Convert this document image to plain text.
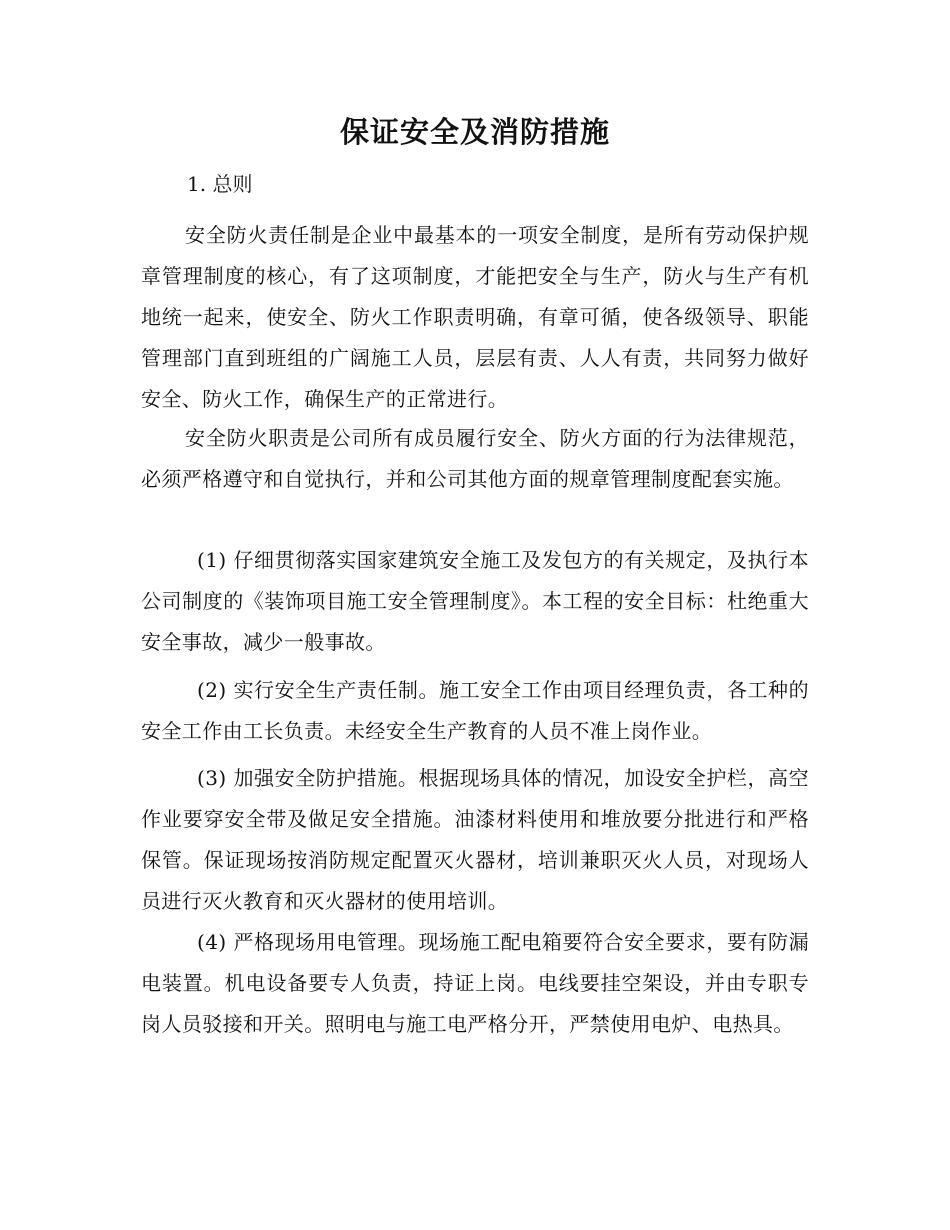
保证安全及消防措施
1. 总则

安全防火责任制是企业中最基本的一项安全制度，是所有劳动保护规章管理制度的核心，有了这项制度，才能把安全与生产，防火与生产有机地统一起来，使安全、防火工作职责明确，有章可循，使各级领导、职能管理部门直到班组的广阔施工人员，层层有责、人人有责，共同努力做好安全、防火工作，确保生产的正常进行。

安全防火职责是公司所有成员履行安全、防火方面的行为法律规范，必须严格遵守和自觉执行，并和公司其他方面的规章管理制度配套实施。

(1) 仔细贯彻落实国家建筑安全施工及发包方的有关规定，及执行本公司制度的《装饰项目施工安全管理制度》。本工程的安全目标：杜绝重大安全事故，减少一般事故。

(2) 实行安全生产责任制。施工安全工作由项目经理负责，各工种的安全工作由工长负责。未经安全生产教育的人员不准上岗作业。

(3) 加强安全防护措施。根据现场具体的情况，加设安全护栏，高空作业要穿安全带及做足安全措施。油漆材料使用和堆放要分批进行和严格保管。保证现场按消防规定配置灭火器材，培训兼职灭火人员，对现场人员进行灭火教育和灭火器材的使用培训。

(4) 严格现场用电管理。现场施工配电箱要符合安全要求，要有防漏电装置。机电设备要专人负责，持证上岗。电线要挂空架设，并由专职专岗人员驳接和开关。照明电与施工电严格分开，严禁使用电炉、电热具。
